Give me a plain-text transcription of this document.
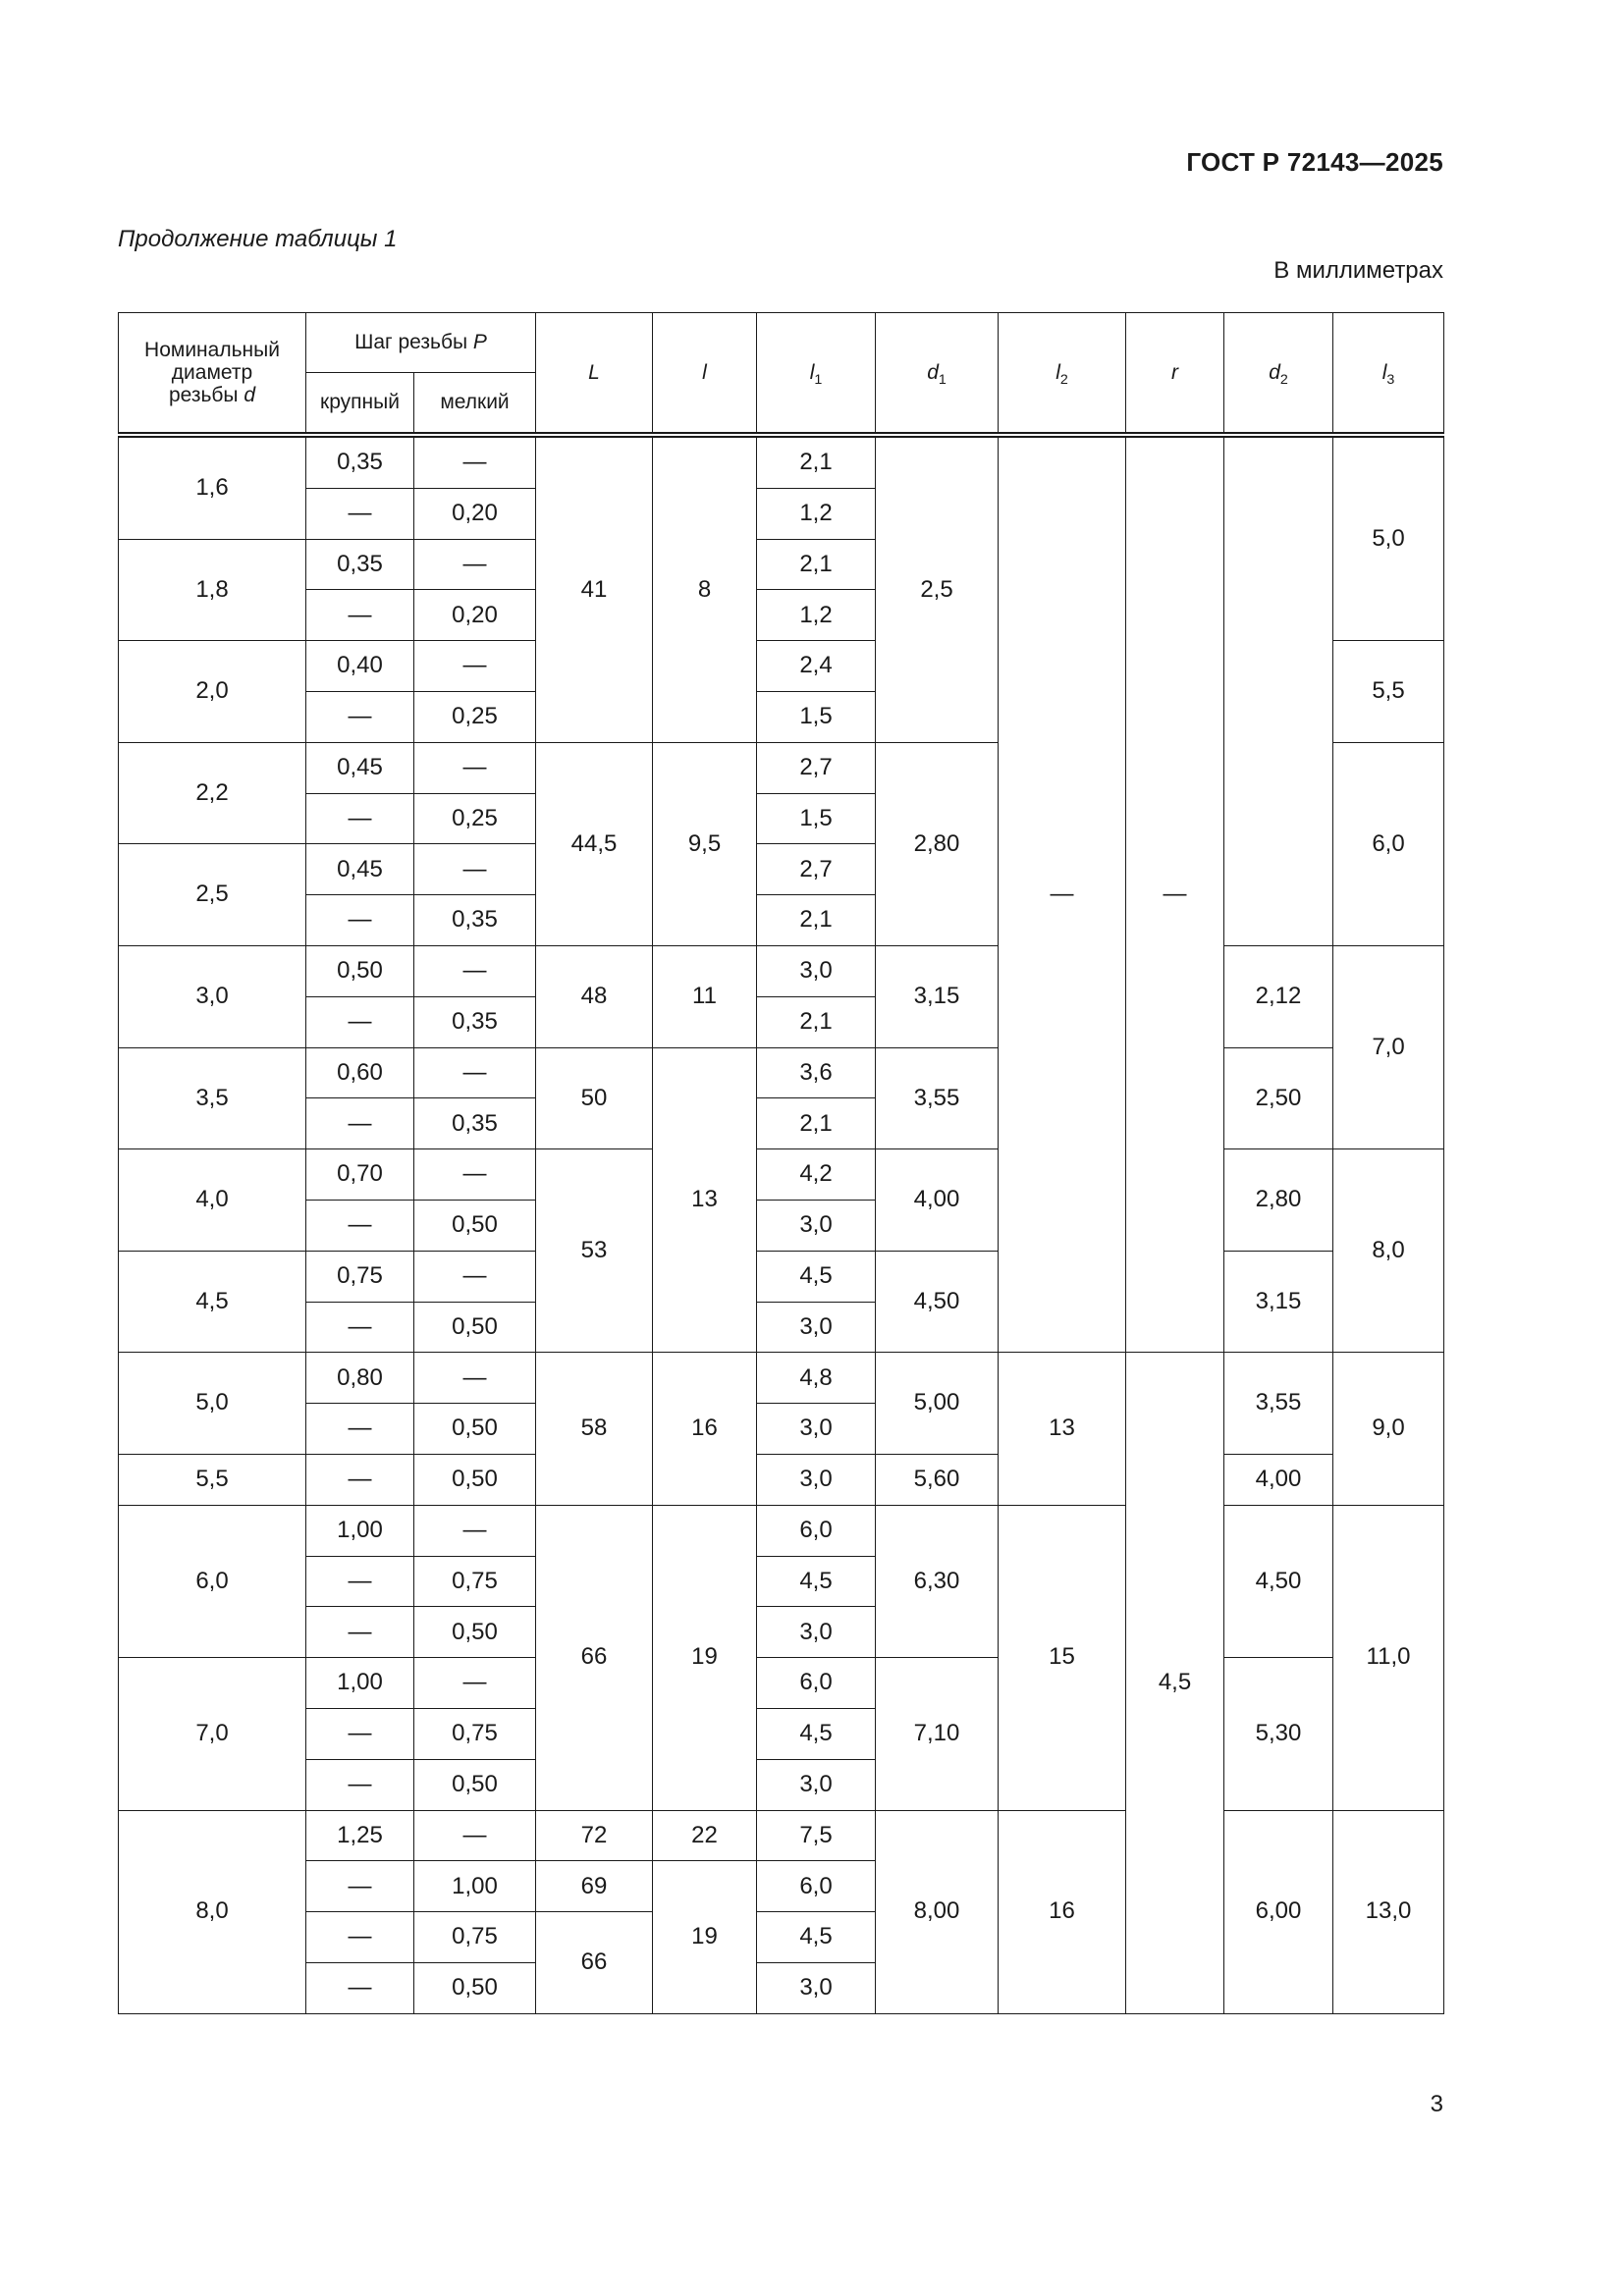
ГОСТ Р 72143—2025
Продолжение таблицы 1
В миллиметрах
Номинальный
диаметр
резьбы d	Шаг резьбы P		L	l	$l_1$	$d_1$	$l_2$	r	$d_2$	$l_3$
	крупный	мелкий								
1,6	0,35	—	41	8	2,1	2,5	—	—		5,0
	—	0,20			1,2					
1,8	0,35	—			2,1					
	—	0,20			1,2					
2,0	0,40	—			2,4					5,5
	—	0,25			1,5					
2,2	0,45	—	44,5	9,5	2,7	2,80				6,0
	—	0,25			1,5					
2,5	0,45	—			2,7					
	—	0,35			2,1					
3,0	0,50	—	48	11	3,0	3,15			2,12	7,0
	—	0,35			2,1					
3,5	0,60	—	50	13	3,6	3,55			2,50	
	—	0,35			2,1					
4,0	0,70	—	53		4,2	4,00			2,80	8,0
	—	0,50			3,0					
4,5	0,75	—			4,5	4,50			3,15	
	—	0,50			3,0					
5,0	0,80	—	58	16	4,8	5,00	13	4,5	3,55	9,0
	—	0,50			3,0					
5,5	—	0,50			3,0	5,60			4,00	
6,0	1,00	—	66	19	6,0	6,30	15		4,50	11,0
	—	0,75			4,5					
	—	0,50			3,0					
7,0	1,00	—			6,0	7,10			5,30	
	—	0,75			4,5					
	—	0,50			3,0					
8,0	1,25	—	72	22	7,5	8,00	16		6,00	13,0
	—	1,00	69	19	6,0					
	—	0,75	66		4,5					
	—	0,50			3,0					
3
